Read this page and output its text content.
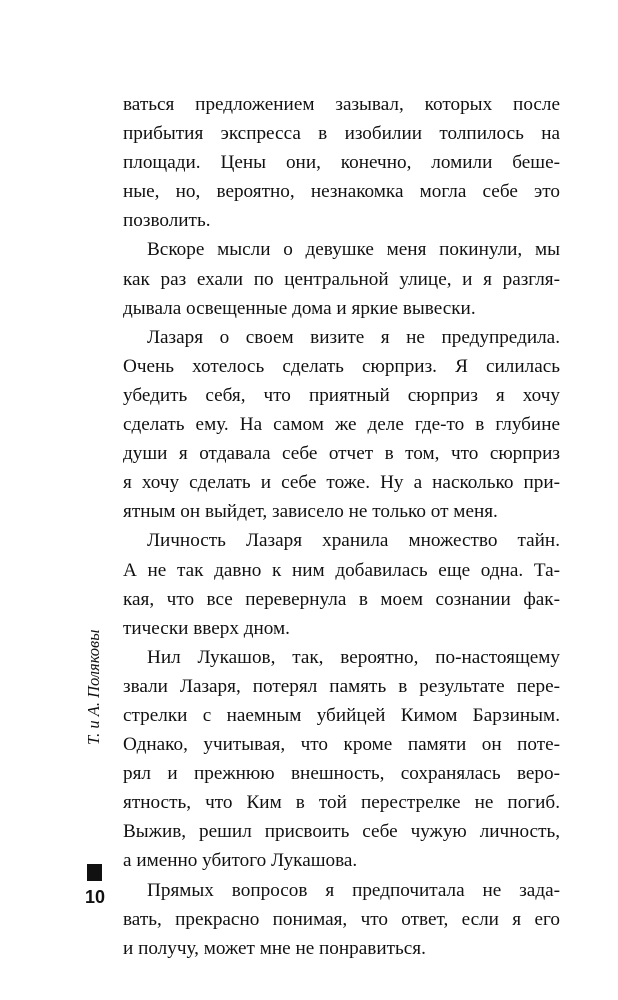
ваться предложением зазывал, которых после
прибытия экспресса в изобилии толпилось на
площади. Цены они, конечно, ломили беше-
ные, но, вероятно, незнакомка могла себе это
позволить.

Вскоре мысли о девушке меня покинули, мы
как раз ехали по центральной улице, и я разгля-
дывала освещенные дома и яркие вывески.

Лазаря о своем визите я не предупредила.
Очень хотелось сделать сюрприз. Я силилась
убедить себя, что приятный сюрприз я хочу
сделать ему. На самом же деле где-то в глубине
души я отдавала себе отчет в том, что сюрприз
я хочу сделать и себе тоже. Ну а насколько при-
ятным он выйдет, зависело не только от меня.

Личность Лазаря хранила множество тайн.
А не так давно к ним добавилась еще одна. Та-
кая, что все перевернула в моем сознании фак-
тически вверх дном.

Нил Лукашов, так, вероятно, по-настоящему
звали Лазаря, потерял память в результате пере-
стрелки с наемным убийцей Кимом Барзиным.
Однако, учитывая, что кроме памяти он поте-
рял и прежнюю внешность, сохранялась веро-
ятность, что Ким в той перестрелке не погиб.
Выжив, решил присвоить себе чужую личность,
а именно убитого Лукашова.

Прямых вопросов я предпочитала не зада-
вать, прекрасно понимая, что ответ, если я его
и получу, может мне не понравиться.

Т. и А. Поляковы
10
